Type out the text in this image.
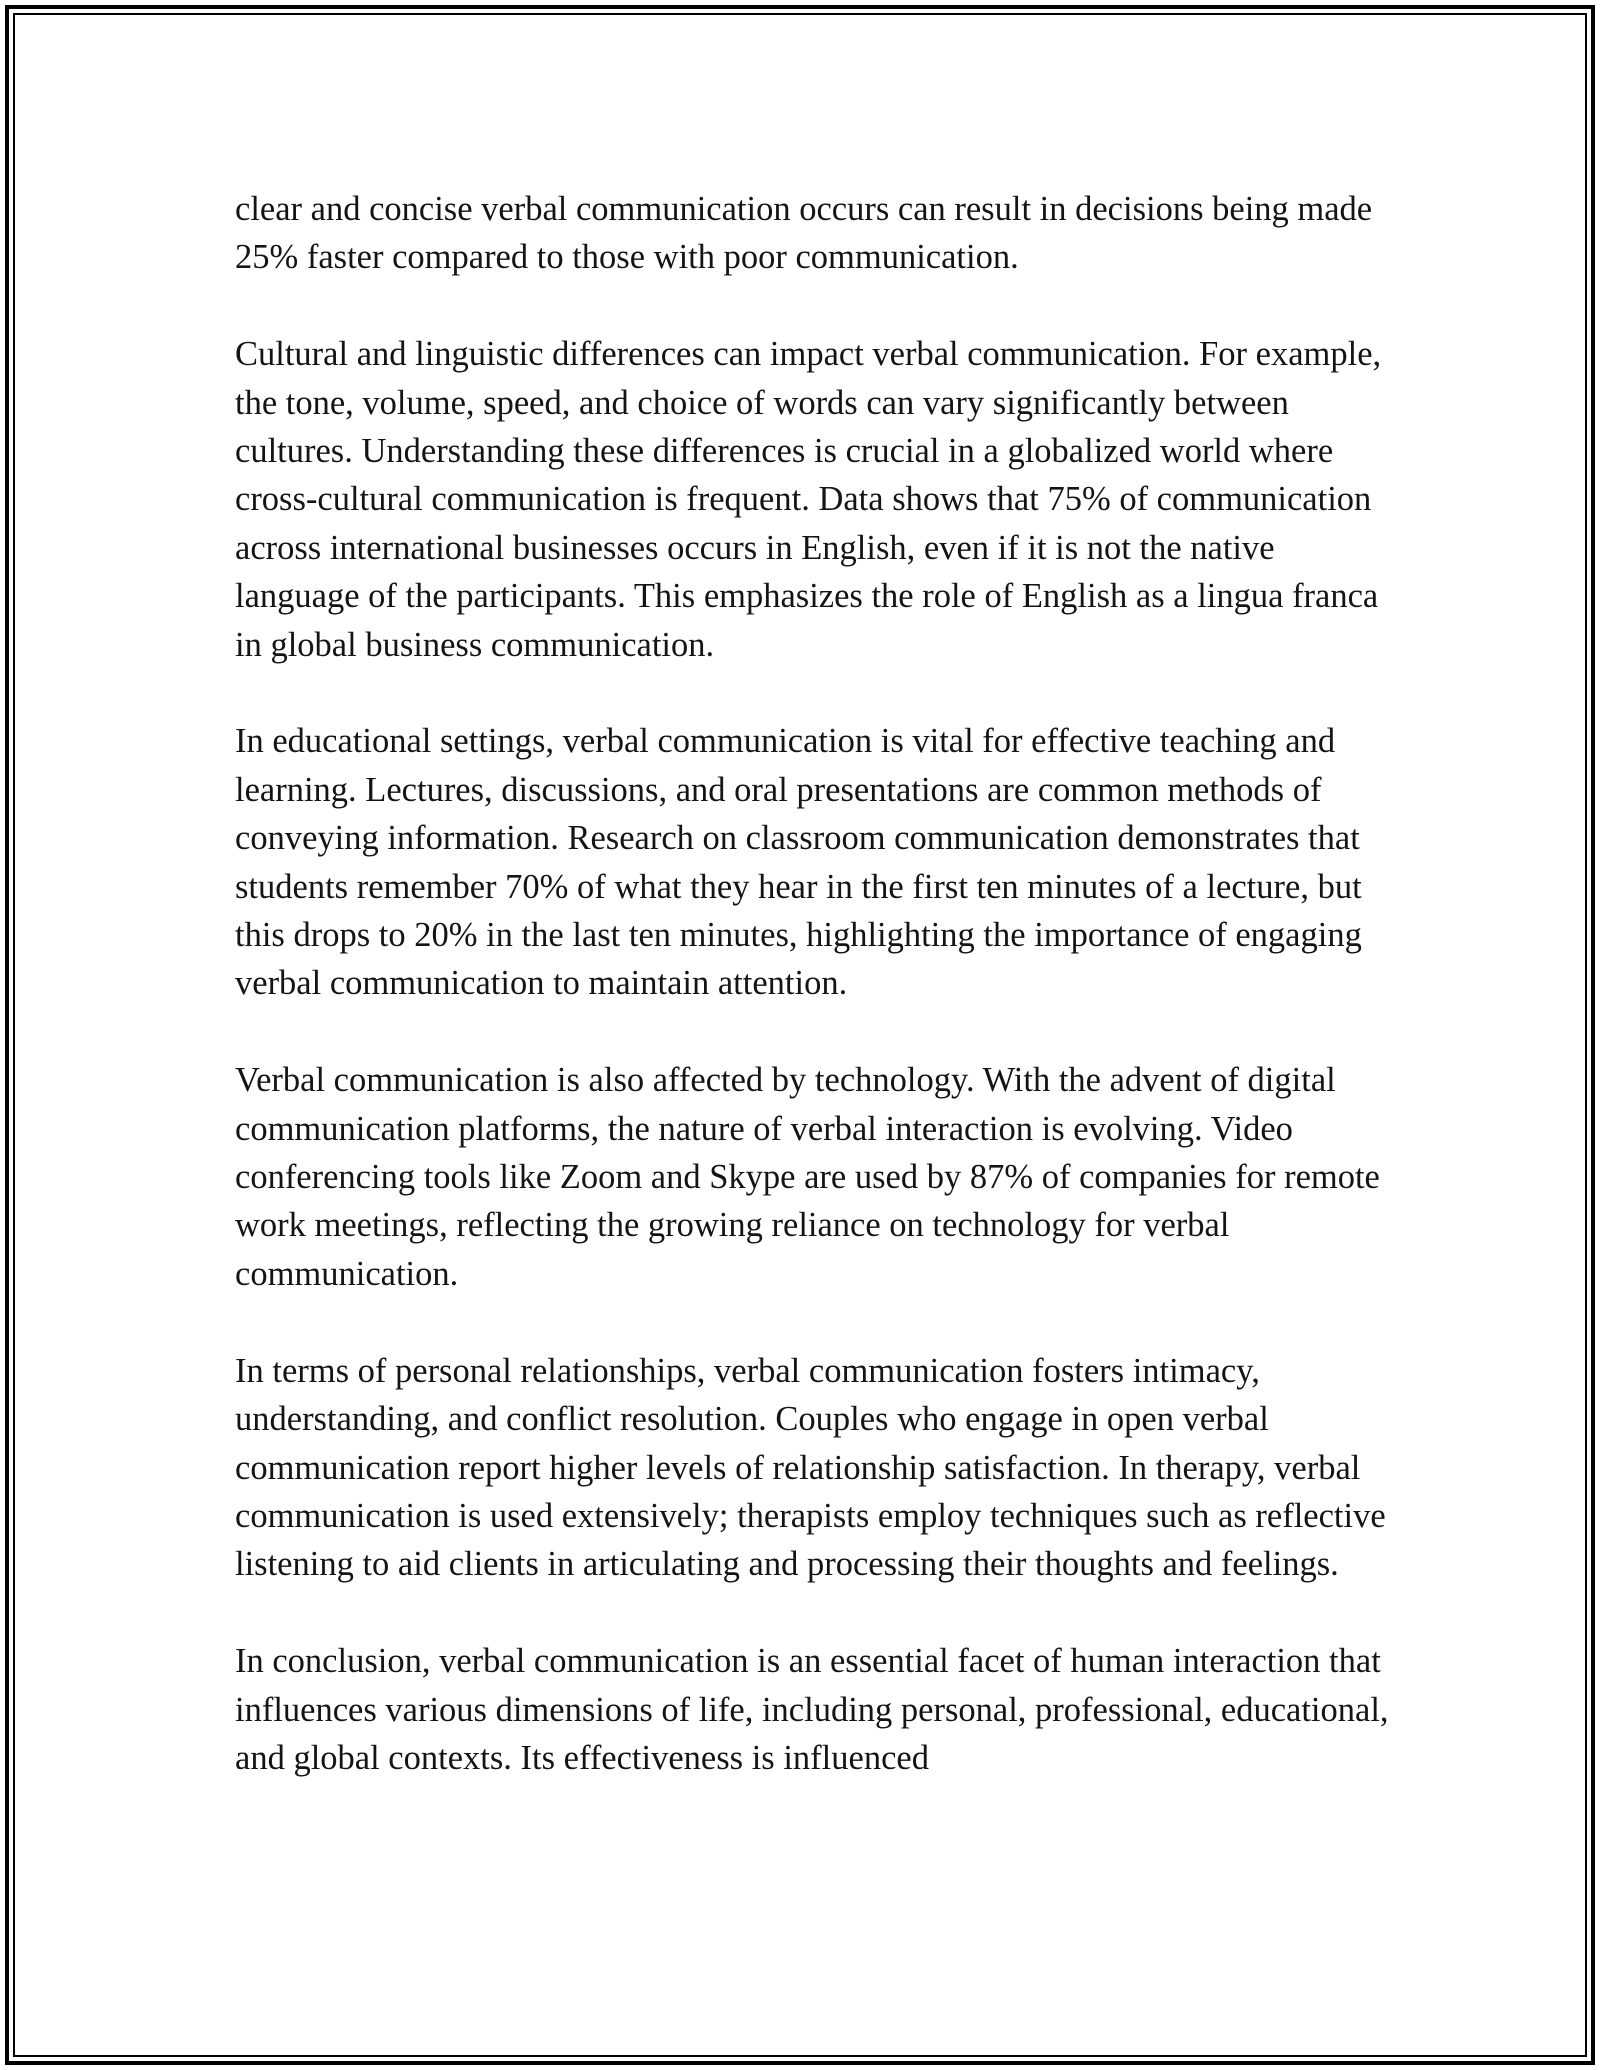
clear and concise verbal communication occurs can result in decisions being made 25% faster compared to those with poor communication.

Cultural and linguistic differences can impact verbal communication. For example, the tone, volume, speed, and choice of words can vary significantly between cultures. Understanding these differences is crucial in a globalized world where cross-cultural communication is frequent. Data shows that 75% of communication across international businesses occurs in English, even if it is not the native language of the participants. This emphasizes the role of English as a lingua franca in global business communication.

In educational settings, verbal communication is vital for effective teaching and learning. Lectures, discussions, and oral presentations are common methods of conveying information. Research on classroom communication demonstrates that students remember 70% of what they hear in the first ten minutes of a lecture, but this drops to 20% in the last ten minutes, highlighting the importance of engaging verbal communication to maintain attention.

Verbal communication is also affected by technology. With the advent of digital communication platforms, the nature of verbal interaction is evolving. Video conferencing tools like Zoom and Skype are used by 87% of companies for remote work meetings, reflecting the growing reliance on technology for verbal communication.

In terms of personal relationships, verbal communication fosters intimacy, understanding, and conflict resolution. Couples who engage in open verbal communication report higher levels of relationship satisfaction. In therapy, verbal communication is used extensively; therapists employ techniques such as reflective listening to aid clients in articulating and processing their thoughts and feelings.

In conclusion, verbal communication is an essential facet of human interaction that influences various dimensions of life, including personal, professional, educational, and global contexts. Its effectiveness is influenced
